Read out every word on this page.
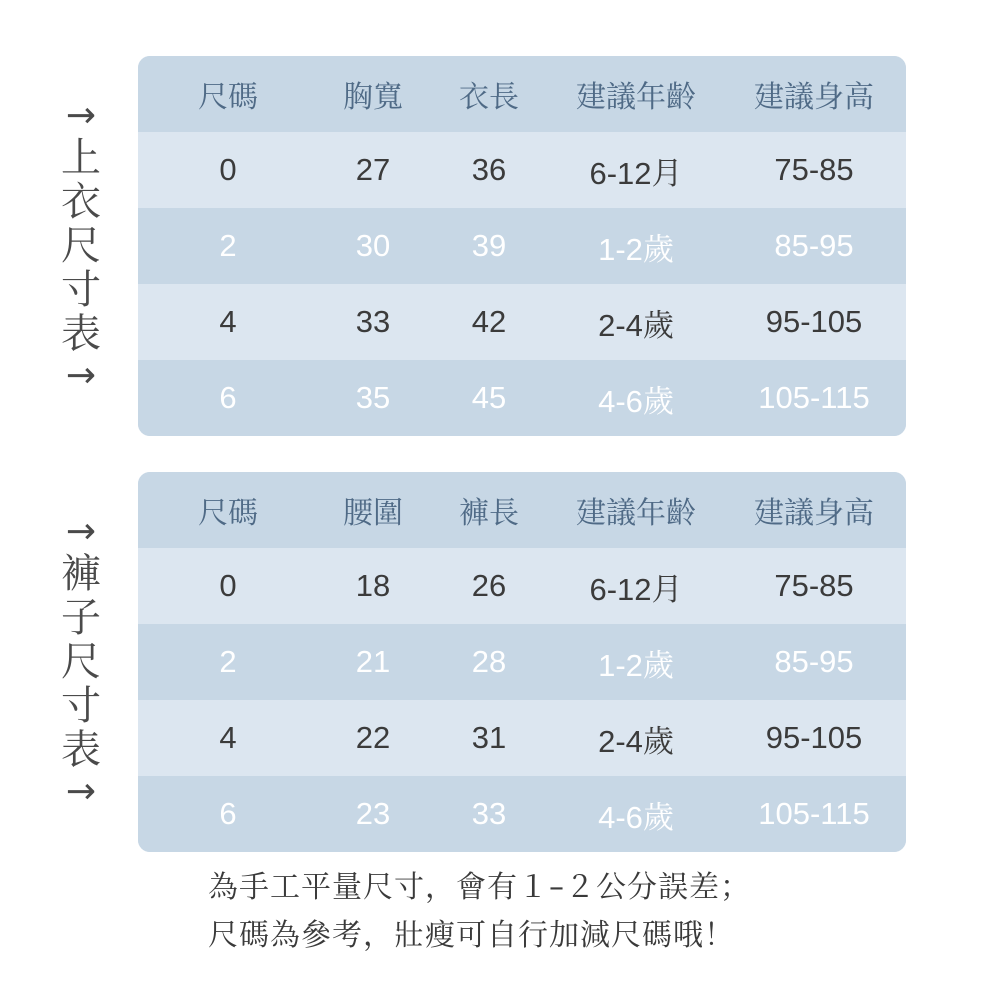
→
上
衣
尺
寸
表
→
尺碼	胸寬	衣長	建議年齡	建議身高
0	27	36	6-12月	75-85
2	30	39	1-2歲	85-95
4	33	42	2-4歲	95-105
6	35	45	4-6歲	105-115
→
褲
子
尺
寸
表
→
尺碼	腰圍	褲長	建議年齡	建議身高
0	18	26	6-12月	75-85
2	21	28	1-2歲	85-95
4	22	31	2-4歲	95-105
6	23	33	4-6歲	105-115
為手工平量尺寸，會有１–２公分誤差；
尺碼為參考，壯瘦可自行加減尺碼哦！
